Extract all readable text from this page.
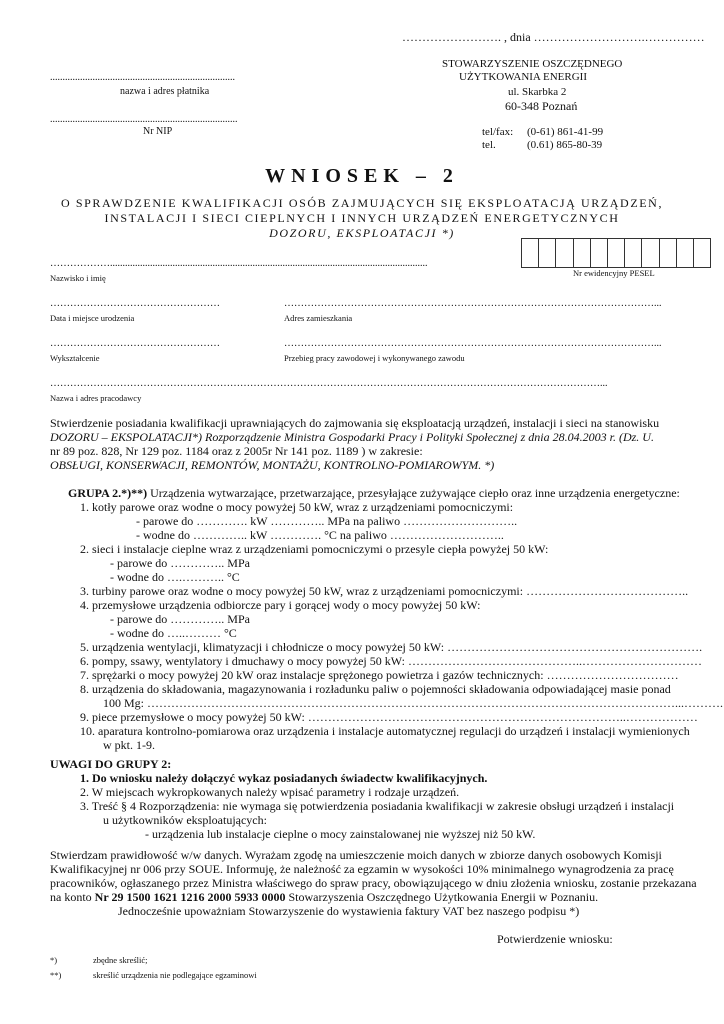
……………………. , dnia ……………………….……………
STOWARZYSZENIE OSZCZĘDNEGO
UŻYTKOWANIA ENERGII
ul. Skarbka 2
60-348 Poznań
..........................................................................
nazwa i adres płatnika
...........................................................................
Nr NIP	tel/fax: (0-61) 861-41-99
tel.	(0.61) 865-80-39
WNIOSEK – 2
O SPRAWDZENIE KWALIFIKACJI OSÓB ZAJMUJĄCYCH SIĘ EKSPLOATACJĄ URZĄDZEŃ,
INSTALACJI I SIECI CIEPLNYCH I INNYCH URZĄDZEŃ ENERGETYCZNYCH
DOZORU, EKSPLOATACJI *)
………………...............................................................................................................................
Nazwisko i imię	Nr ewidencyjny PESEL
……………………………………………
Data i miejsce urodzenia
…………………………………………………………………………………………………...
Adres zamieszkania
……………………………………………
Wykształcenie
…………………………………………………………………………………………………...
Przebieg pracy zawodowej i wykonywanego zawodu
…………………………………………………………………………………………………………………………………………………...
Nazwa i adres pracodawcy
Stwierdzenie posiadania kwalifikacji uprawniających do zajmowania się eksploatacją urządzeń, instalacji i sieci na stanowisku
DOZORU – EKSPOLATACJI*) Rozporządzenie Ministra Gospodarki Pracy i Polityki Społecznej z dnia 28.04.2003 r. (Dz. U.
nr 89 poz. 828, Nr 129 poz. 1184 oraz z 2005r Nr 141 poz. 1189 ) w zakresie:
OBSŁUGI, KONSERWACJI, REMONTÓW, MONTAŻU, KONTROLNO-POMIAROWYM. *)
GRUPA 2.*)**) Urządzenia wytwarzające, przetwarzające, przesyłające zużywające ciepło oraz inne urządzenia energetyczne:
1. kotły parowe oraz wodne o mocy powyżej 50 kW, wraz z urządzeniami pomocniczymi:
- parowe do …………. kW ………….. MPa na paliwo ………………………..
- wodne do ………….. kW …………. °C na paliwo ………………………..
2. sieci i instalacje cieplne wraz z urządzeniami pomocniczymi o przesyle ciepła powyżej 50 kW:
- parowe do ………….. MPa
- wodne do ….……….. °C
3. turbiny parowe oraz wodne o mocy powyżej 50 kW, wraz z urządzeniami pomocniczymi: …………………………………..
4. przemysłowe urządzenia odbiorcze pary i gorącej wody o mocy powyżej 50 kW:
- parowe do ………….. MPa
- wodne do …..……… °C
5. urządzenia wentylacji, klimatyzacji i chłodnicze o mocy powyżej 50 kW: ……………………………………………………….
6. pompy, ssawy, wentylatory i dmuchawy o mocy powyżej 50 kW: ……………………………………..…………………………
7. sprężarki o mocy powyżej 20 kW oraz instalacje sprężonego powietrza i gazów technicznych: ……………………………
8. urządzenia do składowania, magazynowania i rozładunku paliw o pojemności składowania odpowiadającej masie ponad
100 Mg: ……………………………………………………………………………………………………………………...……….
9. piece przemysłowe o mocy powyżej 50 kW: ……………………………………………………………………..………………
10. aparatura kontrolno-pomiarowa oraz urządzenia i instalacje automatycznej regulacji do urządzeń i instalacji wymienionych
w pkt. 1-9.
UWAGI DO GRUPY 2:
1. Do wniosku należy dołączyć wykaz posiadanych świadectw kwalifikacyjnych.
2. W miejscach wykropkowanych należy wpisać parametry i rodzaje urządzeń.
3. Treść § 4 Rozporządzenia: nie wymaga się potwierdzenia posiadania kwalifikacji w zakresie obsługi urządzeń i instalacji
u użytkowników eksploatujących:
- urządzenia lub instalacje cieplne o mocy zainstalowanej nie wyższej niż 50 kW.
Stwierdzam prawidłowość w/w danych. Wyrażam zgodę na umieszczenie moich danych w zbiorze danych osobowych Komisji
Kwalifikacyjnej nr 006 przy SOUE. Informuję, że należność za egzamin w wysokości 10% minimalnego wynagrodzenia za pracę
pracowników, ogłaszanego przez Ministra właściwego do spraw pracy, obowiązującego w dniu złożenia wniosku, zostanie przekazana
na konto Nr 29 1500 1621 1216 2000 5933 0000 Stowarzyszenia Oszczędnego Użytkowania Energii w Poznaniu.
Jednocześnie upoważniam Stowarzyszenie do wystawienia faktury VAT bez naszego podpisu *)
Potwierdzenie wniosku:
*)	zbędne skreślić;
**)	skreślić urządzenia nie podlegające egzaminowi
